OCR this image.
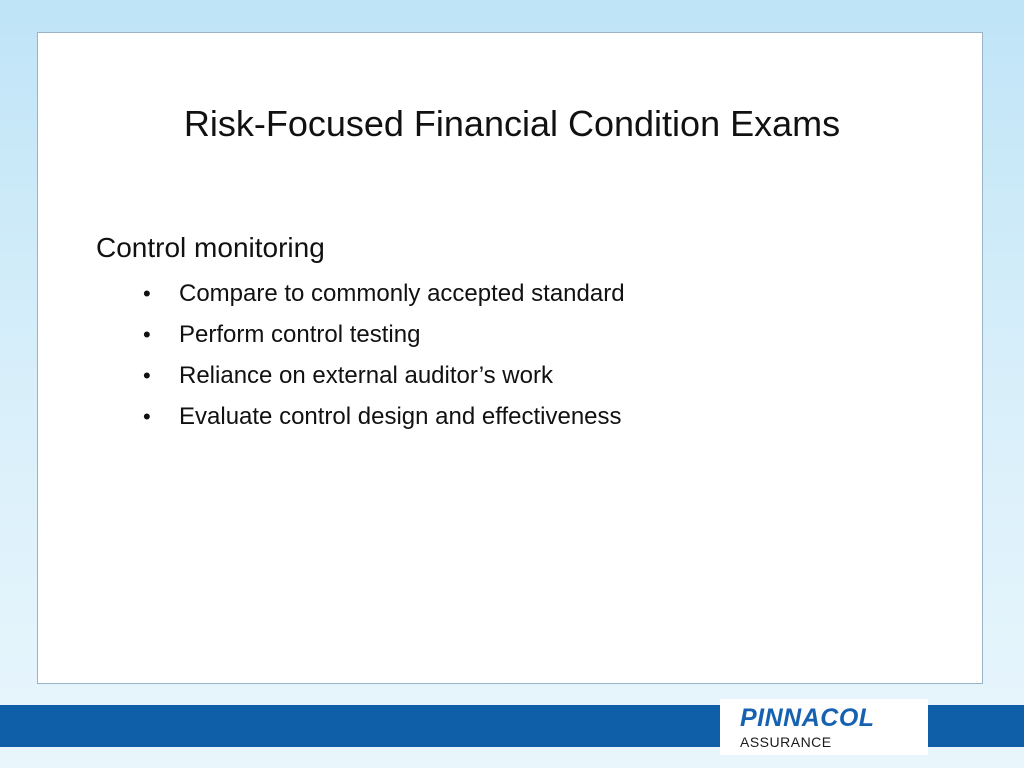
Risk-Focused Financial Condition Exams
Control monitoring
•	Compare to commonly accepted standard
•	Perform control testing
•	Reliance on external auditor’s work
•	Evaluate control design and effectiveness
PINNACOL
ASSURANCE
